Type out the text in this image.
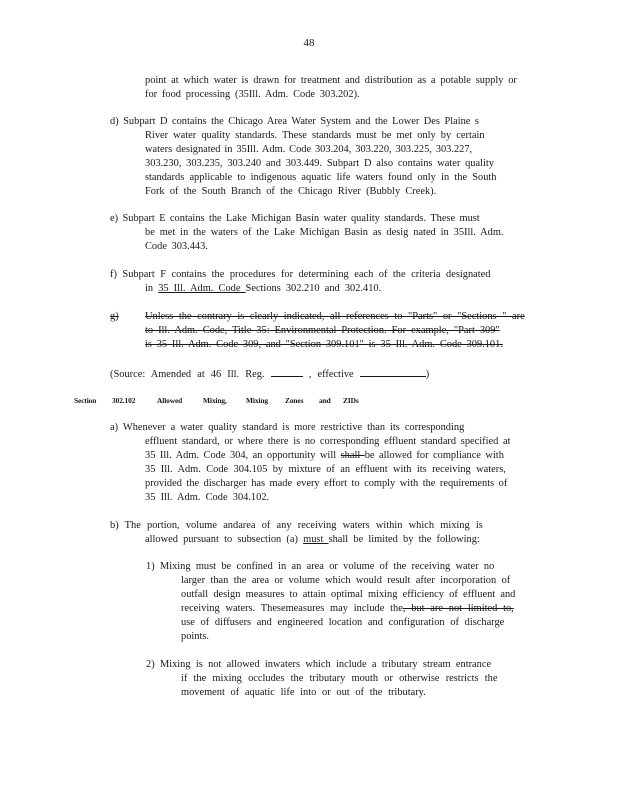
48
point at which water is drawn for treatment and distribution as a potable supply or
for food processing (35Ill. Adm. Code 303.202).
d) Subpart D contains the Chicago Area Water System and the Lower Des Plaine s
River water quality standards. These standards must be met only by certain
waters designated in 35Ill. Adm. Code 303.204, 303.220, 303.225, 303.227,
303.230, 303.235, 303.240 and 303.449. Subpart D also contains water quality
standards applicable to indigenous aquatic life waters found only in the South
Fork of the South Branch of the Chicago River (Bubbly Creek).
e) Subpart E contains the Lake Michigan Basin water quality standards. These must
be met in the waters of the Lake Michigan Basin as desig nated in 35Ill. Adm.
Code 303.443.
f) Subpart F contains the procedures for determining each of the criteria designated
in 35 Ill. Adm. Code Sections 302.210 and 302.410.
g)	Unless the contrary is clearly indicated, all references to "Parts" or "Sections " are
to Ill. Adm. Code, Title 35: Environmental Protection. For example, "Part 309"
is 35 Ill. Adm. Code 309, and "Section 309.101" is 35 Ill. Adm. Code 309.101.
(Source: Amended at 46 Ill. Reg.	, effective	)
Section 302.102	Allowed	Mixing,	Mixing Zones and ZIDs
a) Whenever a water quality standard is more restrictive than its corresponding
effluent standard, or where there is no corresponding effluent standard specified at
35 Ill. Adm. Code 304, an opportunity will shall be allowed for compliance with
35 Ill. Adm. Code 304.105 by mixture of an effluent with its receiving waters,
provided the discharger has made every effort to comply with the requirements of
35 Ill. Adm. Code 304.102.
b) The portion, volume andarea of any receiving waters within which mixing is
allowed pursuant to subsection (a) must shall be limited by the following:
1) Mixing must be confined in an area or volume of the receiving water no
larger than the area or volume which would result after incorporation of
outfall design measures to attain optimal mixing efficiency of effluent and
receiving waters. Thesemeasures may include the, but are not limited to,
use of diffusers and engineered location and configuration of discharge
points.
2) Mixing is not allowed inwaters which include a tributary stream entrance
if the mixing occludes the tributary mouth or otherwise restricts the
movement of aquatic life into or out of the tributary.
